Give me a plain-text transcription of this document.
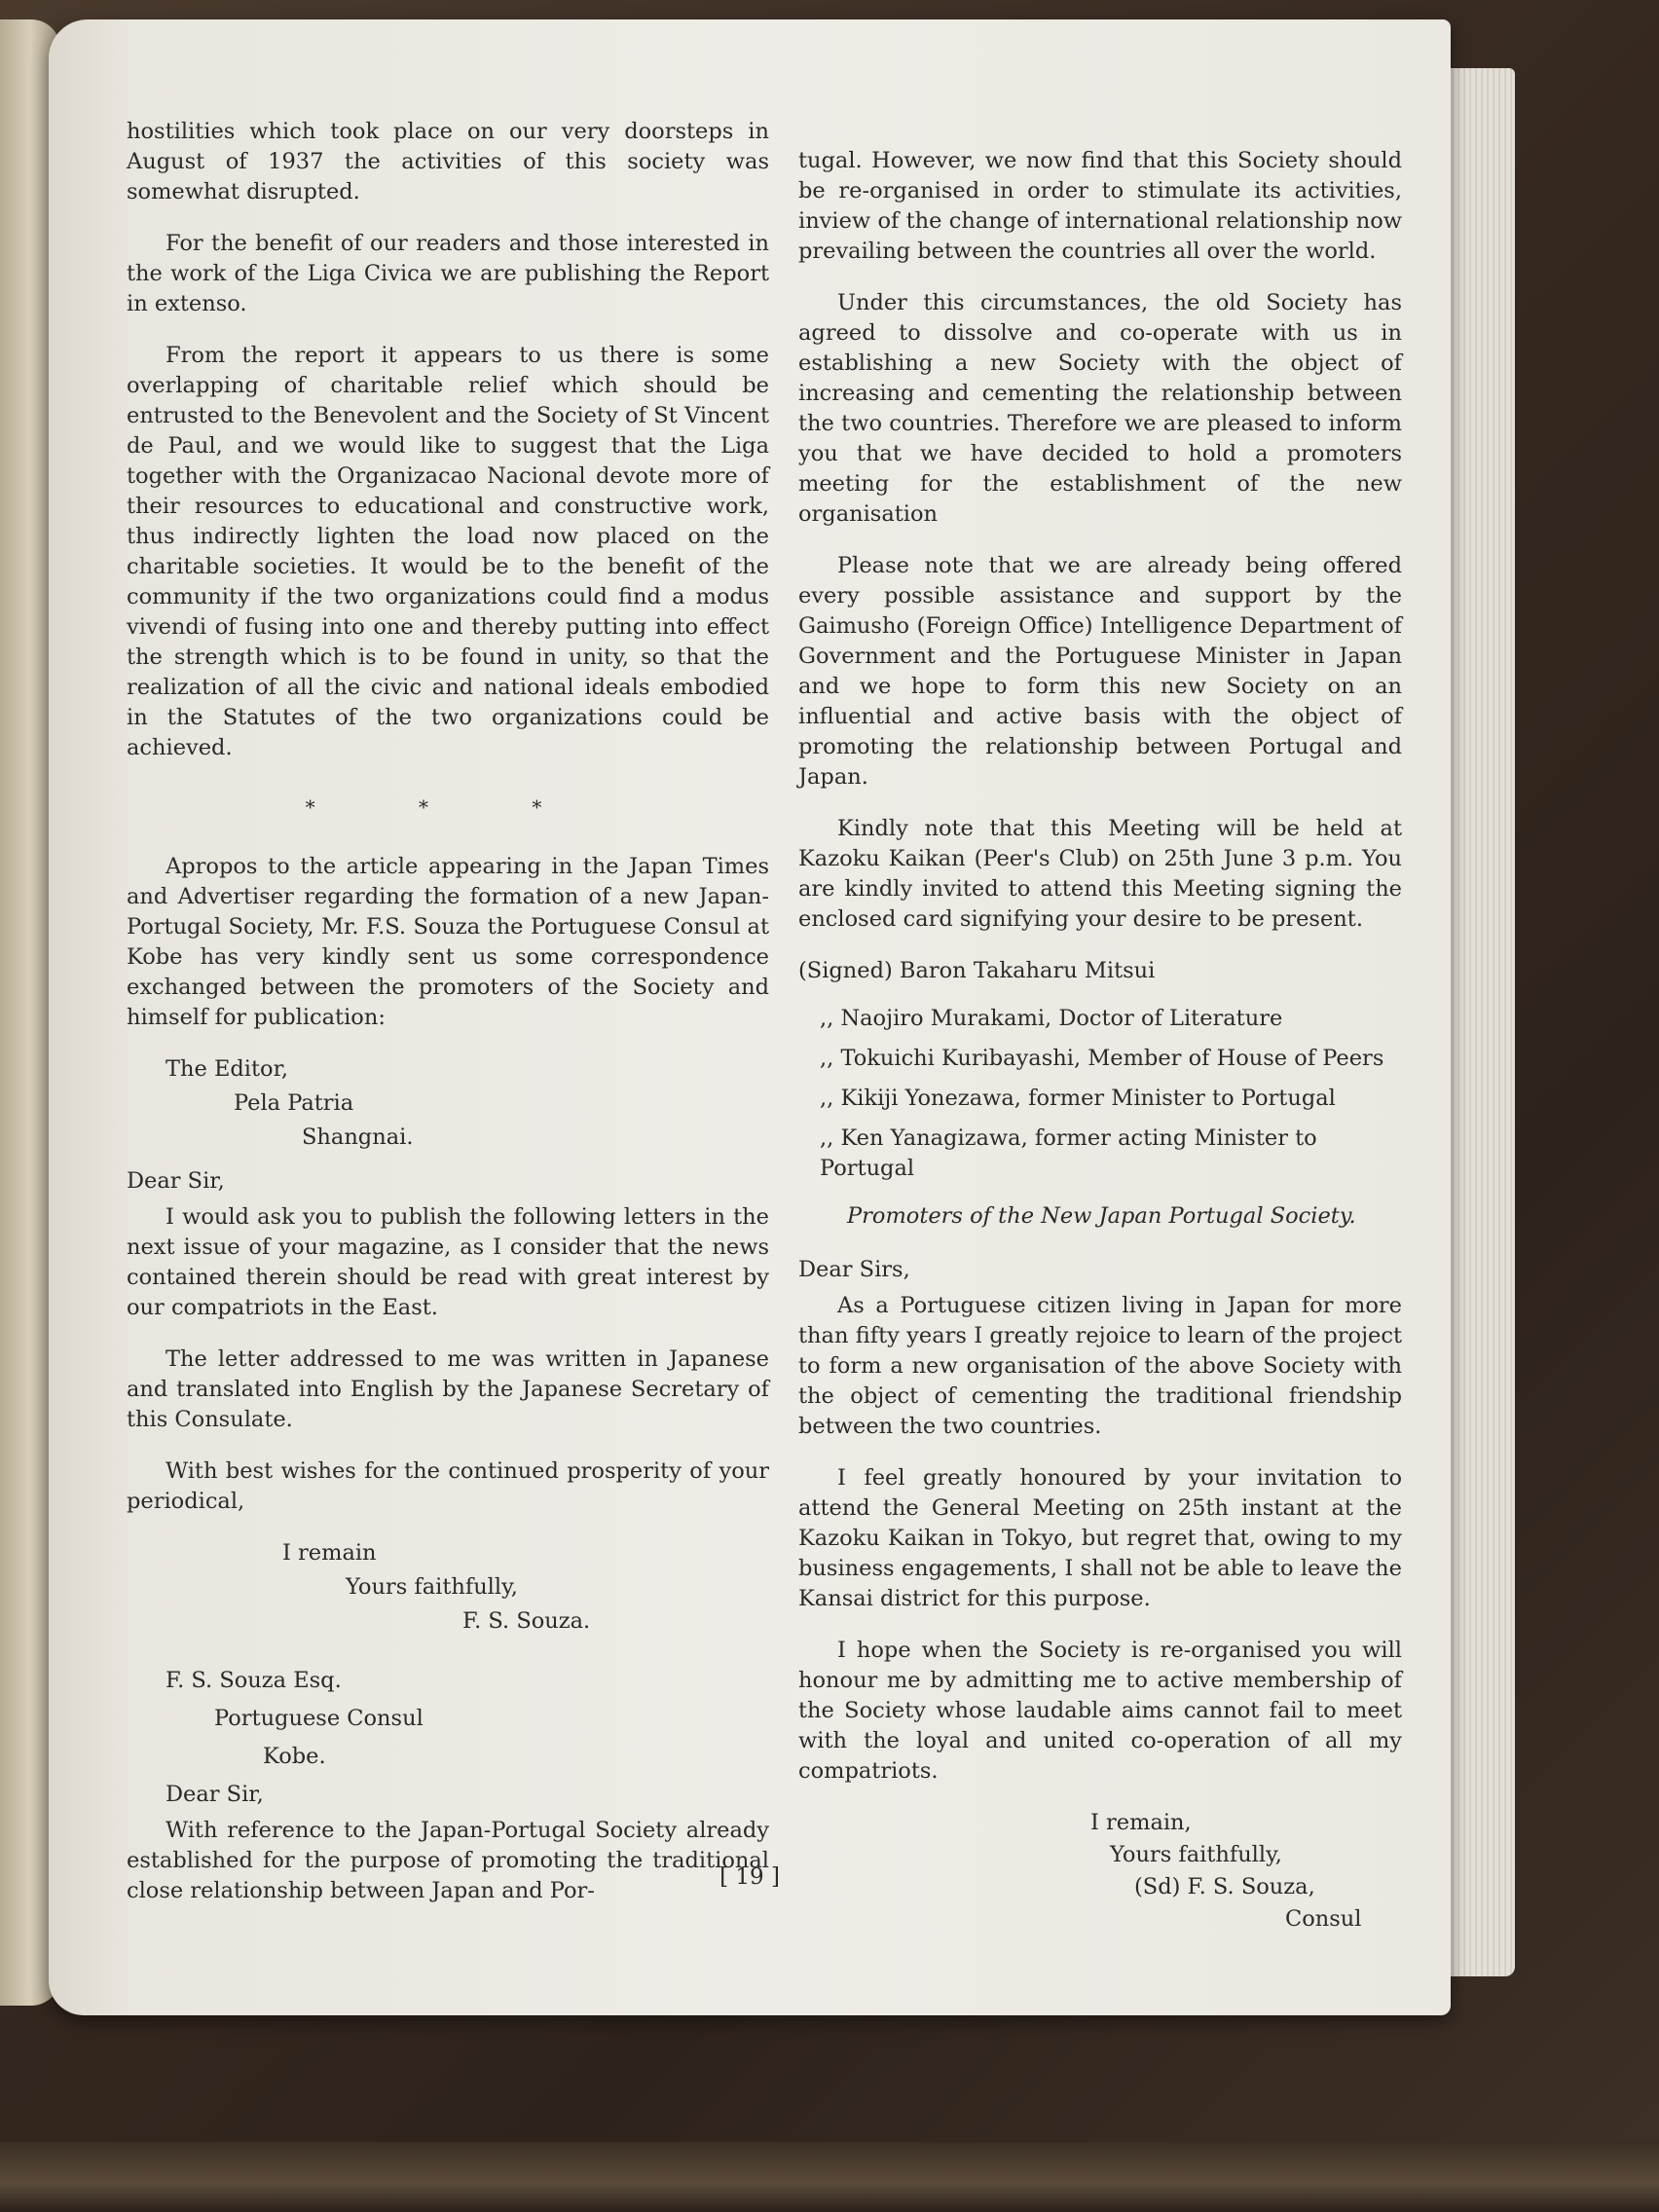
hostilities which took place on our very doorsteps in August of 1937 the activities of this society was somewhat disrupted.

For the benefit of our readers and those interested in the work of the Liga Civica we are publishing the Report in extenso.

From the report it appears to us there is some overlapping of charitable relief which should be entrusted to the Benevolent and the Society of St Vincent de Paul, and we would like to suggest that the Liga together with the Organizacao Nacional devote more of their resources to educational and constructive work, thus indirectly lighten the load now placed on the charitable societies. It would be to the benefit of the community if the two organizations could find a modus vivendi of fusing into one and thereby putting into effect the strength which is to be found in unity, so that the realization of all the civic and national ideals embodied in the Statutes of the two organizations could be achieved.

* * *

Apropos to the article appearing in the Japan Times and Advertiser regarding the formation of a new Japan-Portugal Society, Mr. F.S. Souza the Portuguese Consul at Kobe has very kindly sent us some correspondence exchanged between the promoters of the Society and himself for publication:

The Editor,
Pela Patria
Shangnai.
Dear Sir,

I would ask you to publish the following letters in the next issue of your magazine, as I consider that the news contained therein should be read with great interest by our compatriots in the East.

The letter addressed to me was written in Japanese and translated into English by the Japanese Secretary of this Consulate.

With best wishes for the continued prosperity of your periodical,

I remain
Yours faithfully,
F. S. Souza.
F. S. Souza Esq.
Portuguese Consul
Kobe.
Dear Sir,

With reference to the Japan-Portugal Society already established for the purpose of promoting the traditional close relationship between Japan and Por-

tugal. However, we now find that this Society should be re-organised in order to stimulate its activities, inview of the change of international relationship now prevailing between the countries all over the world.

Under this circumstances, the old Society has agreed to dissolve and co-operate with us in establishing a new Society with the object of increasing and cementing the relationship between the two countries. Therefore we are pleased to inform you that we have decided to hold a promoters meeting for the establishment of the new organisation

Please note that we are already being offered every possible assistance and support by the Gaimusho (Foreign Office) Intelligence Department of Government and the Portuguese Minister in Japan and we hope to form this new Society on an influential and active basis with the object of promoting the relationship between Portugal and Japan.

Kindly note that this Meeting will be held at Kazoku Kaikan (Peer's Club) on 25th June 3 p.m. You are kindly invited to attend this Meeting signing the enclosed card signifying your desire to be present.

(Signed) Baron Takaharu Mitsui
,, Naojiro Murakami, Doctor of Literature
,, Tokuichi Kuribayashi, Member of House of Peers
,, Kikiji Yonezawa, former Minister to Portugal
,, Ken Yanagizawa, former acting Minister to Portugal
Promoters of the New Japan Portugal Society.
Dear Sirs,

As a Portuguese citizen living in Japan for more than fifty years I greatly rejoice to learn of the project to form a new organisation of the above Society with the object of cementing the traditional friendship between the two countries.

I feel greatly honoured by your invitation to attend the General Meeting on 25th instant at the Kazoku Kaikan in Tokyo, but regret that, owing to my business engagements, I shall not be able to leave the Kansai district for this purpose.

I hope when the Society is re-organised you will honour me by admitting me to active membership of the Society whose laudable aims cannot fail to meet with the loyal and united co-operation of all my compatriots.

I remain,
Yours faithfully,
(Sd) F. S. Souza,
Consul
[ 19 ]
